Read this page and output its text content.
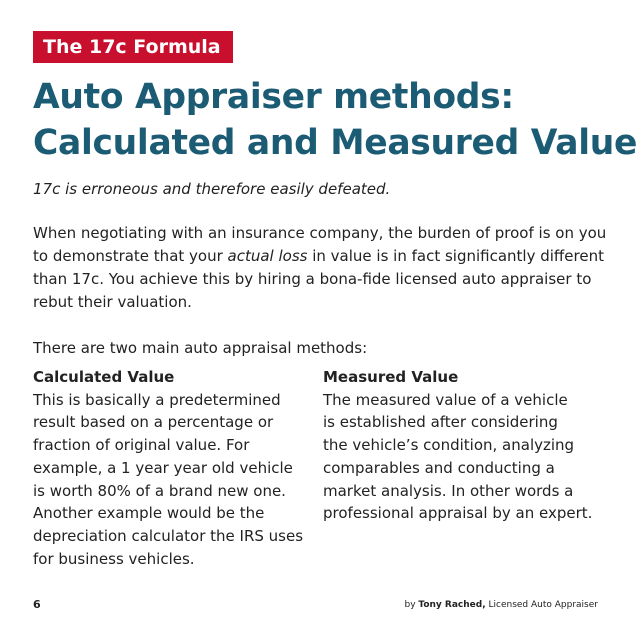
The 17c Formula
Auto Appraiser methods:
Calculated and Measured Value

17c is erroneous and therefore easily defeated.

When negotiating with an insurance company, the burden of proof is on you
to demonstrate that your actual loss in value is in fact significantly different
than 17c. You achieve this by hiring a bona-fide licensed auto appraiser to
rebut their valuation.

There are two main auto appraisal methods:

Calculated Value
This is basically a predetermined
result based on a percentage or
fraction of original value. For
example, a 1 year year old vehicle
is worth 80% of a brand new one.
Another example would be the
depreciation calculator the IRS uses
for business vehicles.
Measured Value
The measured value of a vehicle
is established after considering
the vehicle’s condition, analyzing
comparables and conducting a
market analysis. In other words a
professional appraisal by an expert.
6	by Tony Rached, Licensed Auto Appraiser
